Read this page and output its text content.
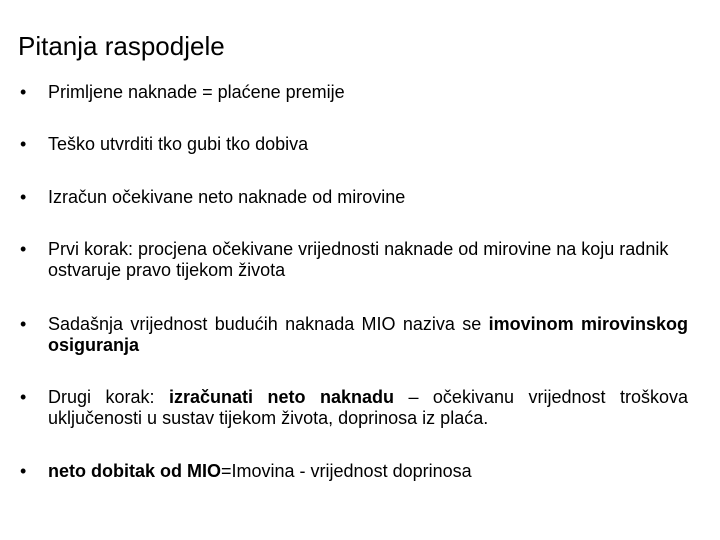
Pitanja raspodjele
•	Primljene naknade = plaćene premije
•	Teško utvrditi tko gubi tko dobiva
•	Izračun očekivane neto naknade od mirovine
•	Prvi korak: procjena očekivane vrijednosti naknade od mirovine na koju radnik ostvaruje pravo tijekom života
•	Sadašnja vrijednost budućih naknada MIO naziva se imovinom mirovinskog osiguranja
•	Drugi korak: izračunati neto naknadu – očekivanu vrijednost troškova uključenosti u sustav tijekom života, doprinosa iz plaća.
•	neto dobitak od MIO=Imovina - vrijednost doprinosa
